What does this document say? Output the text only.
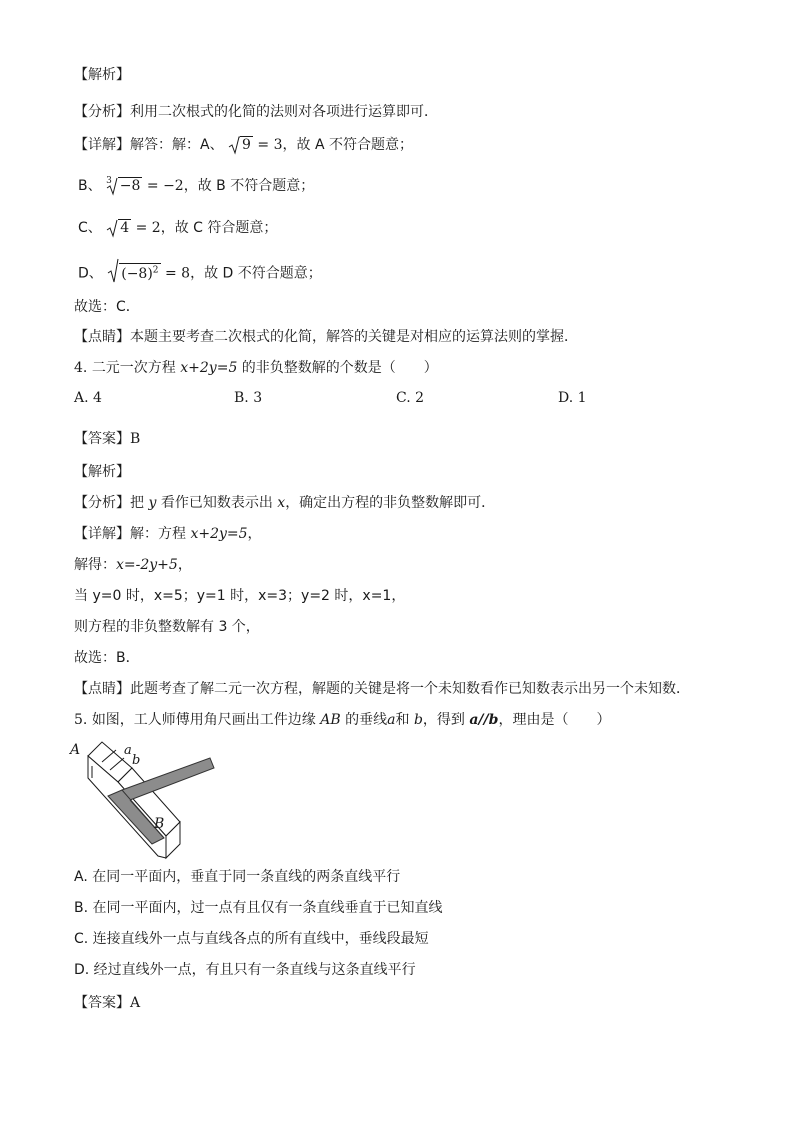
【解析】
【分析】利用二次根式的化简的法则对各项进行运算即可．
【详解】解答：解：A、 9 = 3，故 A 不符合题意；
B、 $^3$ −8 = −2，故 B 不符合题意；
C、 4 = 2，故 C 符合题意；
D、 $(-8)^2 = 8$，故 D 不符合题意；
故选：C．
【点睛】本题主要考查二次根式的化简，解答的关键是对相应的运算法则的掌握．
4. 二元一次方程 x+2y=5 的非负整数解的个数是（　　）
A. 4	B. 3	C. 2	D. 1
【答案】B
【解析】
【分析】把 y 看作已知数表示出 x，确定出方程的非负整数解即可．
【详解】解：方程 x+2y=5，
解得：x=-2y+5，
当 y=0 时，x=5；y=1 时，x=3；y=2 时，x=1，
则方程的非负整数解有 3 个，
故选：B．
【点睛】此题考查了解二元一次方程，解题的关键是将一个未知数看作已知数表示出另一个未知数．
5. 如图，工人师傅用角尺画出工件边缘 AB 的垂线a和 b，得到 a//b，理由是（　　）
A	a
b
B
A. 在同一平面内，垂直于同一条直线的两条直线平行
B. 在同一平面内，过一点有且仅有一条直线垂直于已知直线
C. 连接直线外一点与直线各点的所有直线中，垂线段最短
D. 经过直线外一点，有且只有一条直线与这条直线平行
【答案】A
